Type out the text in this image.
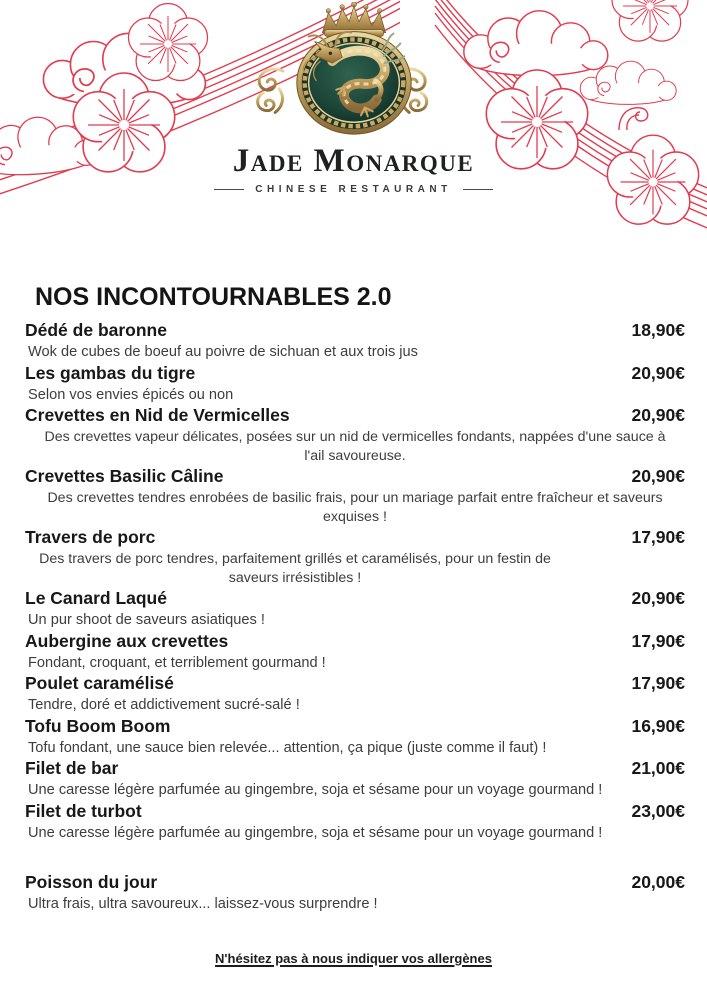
Jade Monarque
CHINESE RESTAURANT
NOS INCONTOURNABLES 2.0
Dédé de baronne	18,90€

Wok de cubes de boeuf au poivre de sichuan et aux trois jus

Les gambas du tigre	20,90€

Selon vos envies épicés ou non

Crevettes en Nid de Vermicelles	20,90€

Des crevettes vapeur délicates, posées sur un nid de vermicelles fondants, nappées d'une sauce à
l'ail savoureuse.

Crevettes Basilic Câline	20,90€

Des crevettes tendres enrobées de basilic frais, pour un mariage parfait entre fraîcheur et saveurs
exquises !

Travers de porc	17,90€

Des travers de porc tendres, parfaitement grillés et caramélisés, pour un festin de
saveurs irrésistibles !

Le Canard Laqué	20,90€

Un pur shoot de saveurs asiatiques !

Aubergine aux crevettes	17,90€

Fondant, croquant, et terriblement gourmand !

Poulet caramélisé	17,90€

Tendre, doré et addictivement sucré-salé !

Tofu Boom Boom	16,90€

Tofu fondant, une sauce bien relevée... attention, ça pique (juste comme il faut) !

Filet de bar	21,00€

Une caresse légère parfumée au gingembre, soja et sésame pour un voyage gourmand !

Filet de turbot	23,00€

Une caresse légère parfumée au gingembre, soja et sésame pour un voyage gourmand !

Poisson du jour	20,00€

Ultra frais, ultra savoureux... laissez-vous surprendre !

N'hésitez pas à nous indiquer vos allergènes
